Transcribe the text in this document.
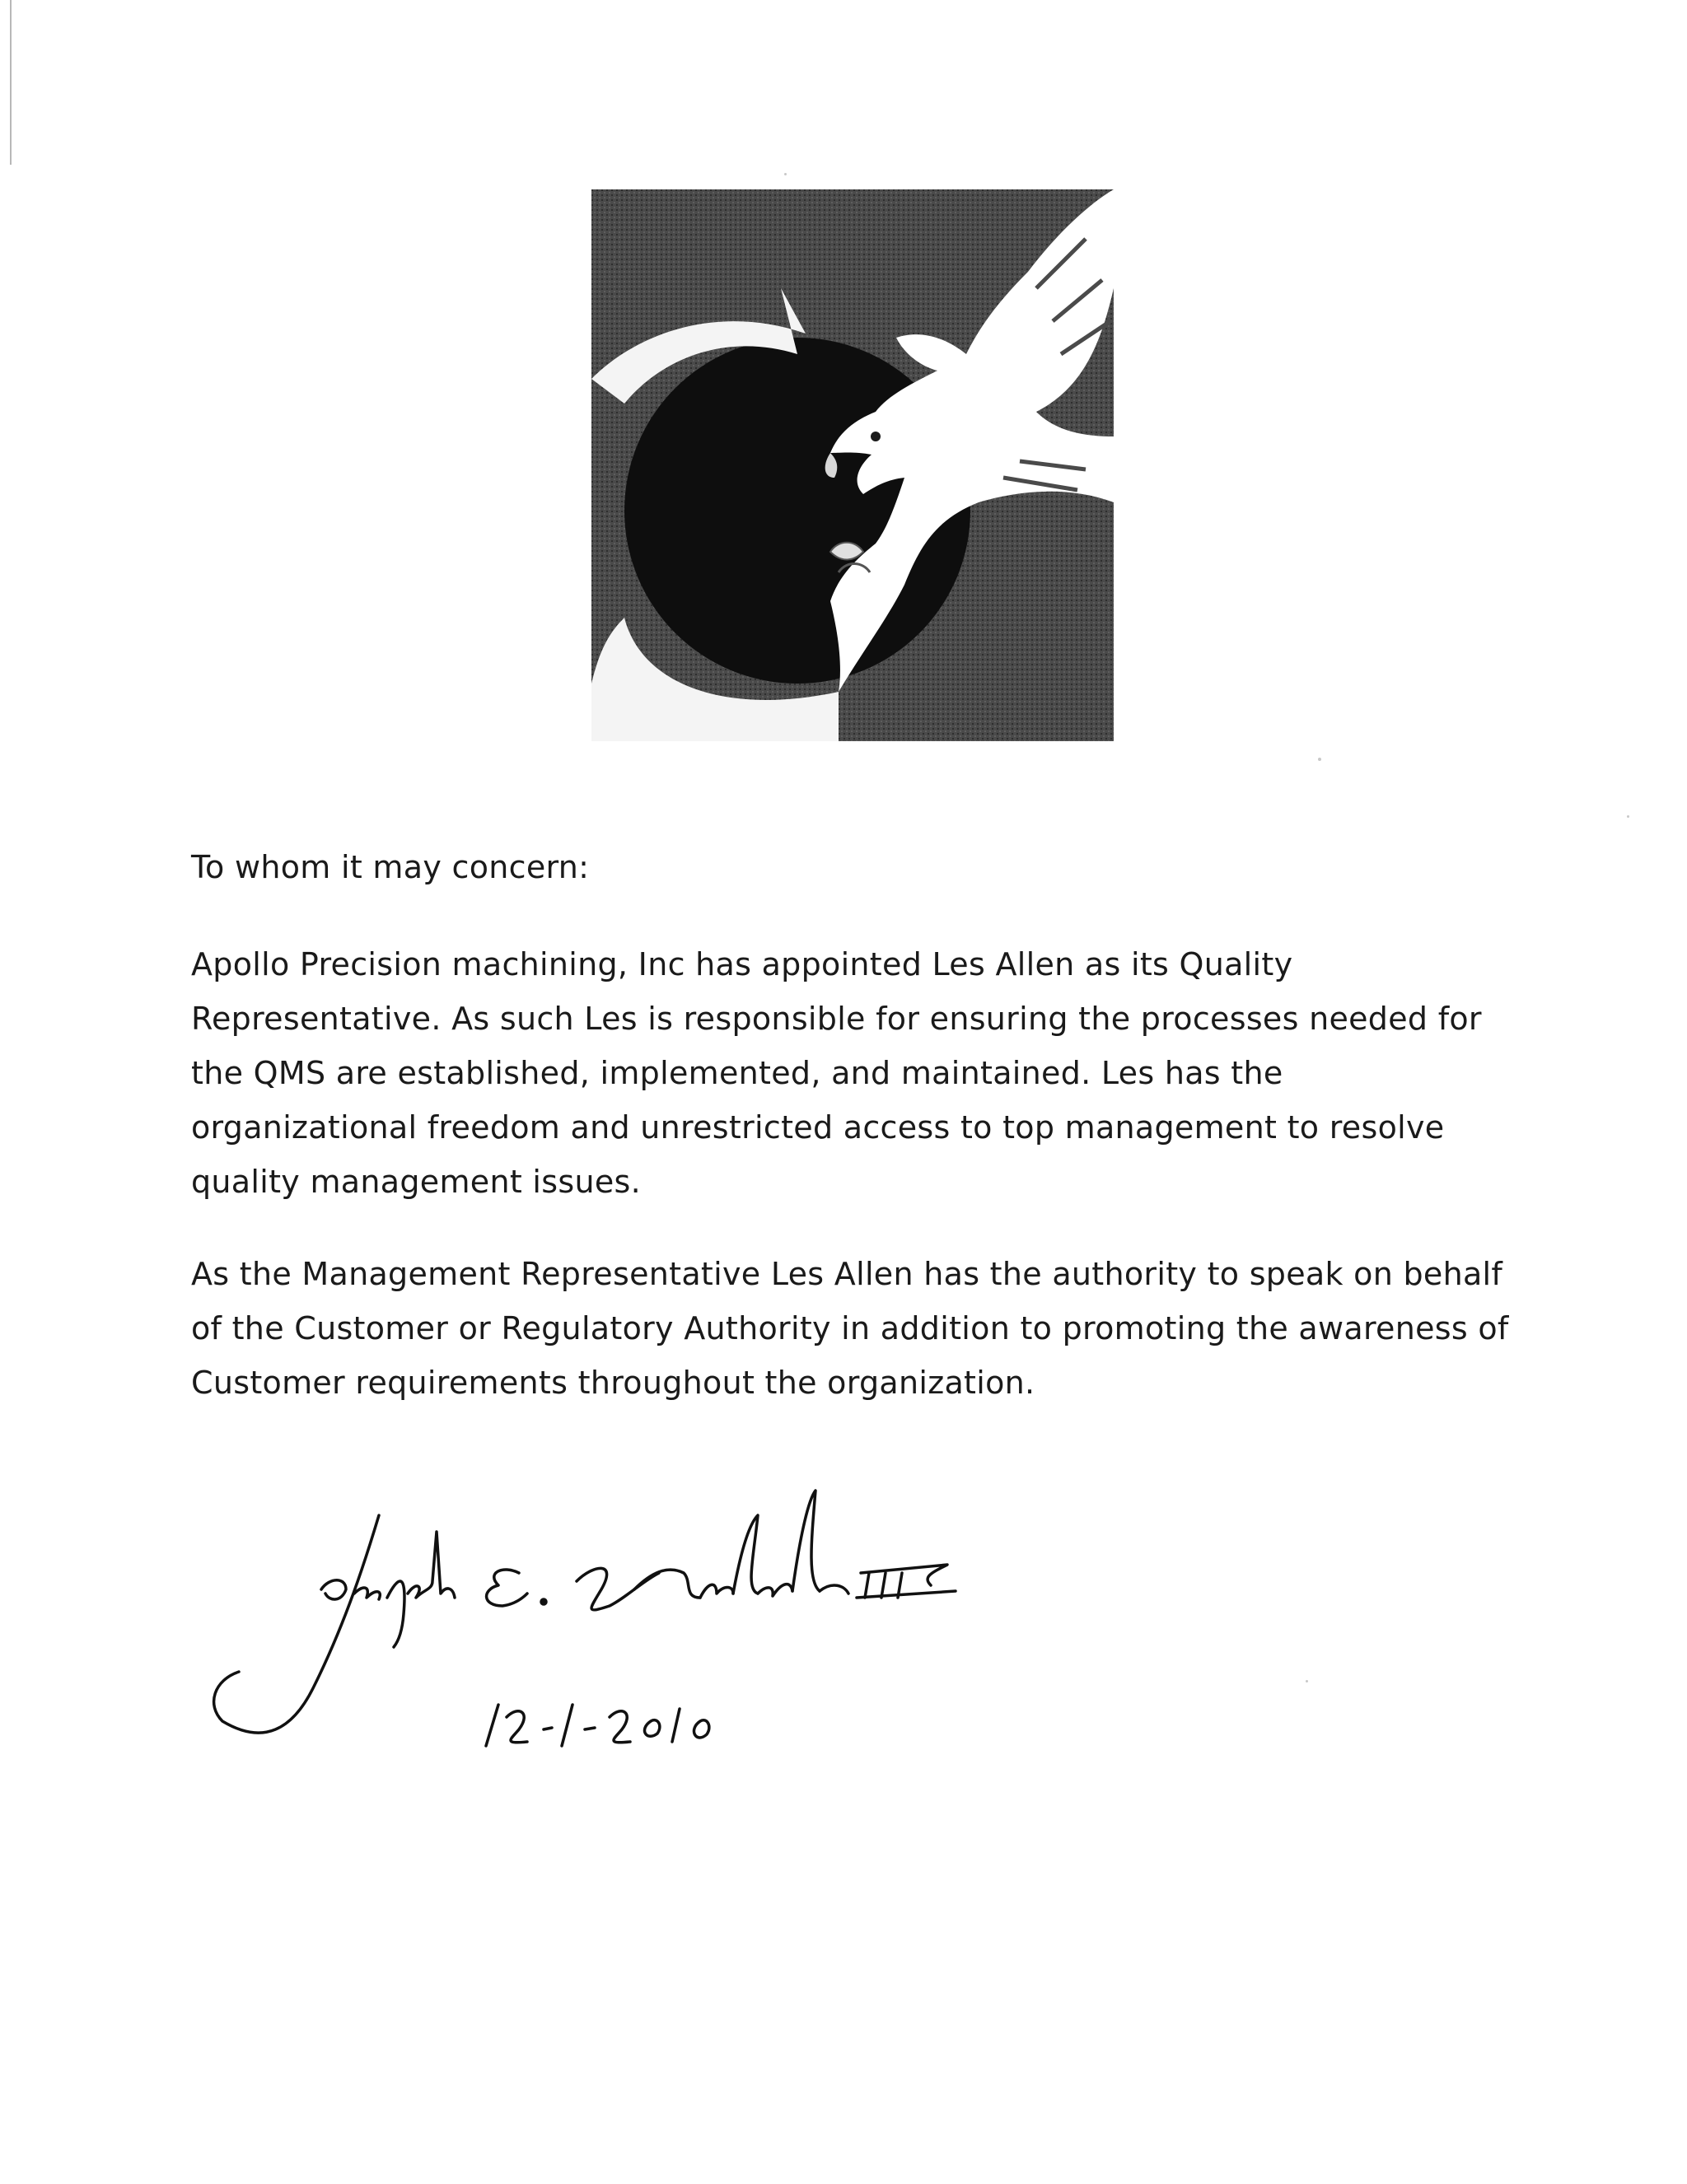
To whom it may concern:

Apollo Precision machining, Inc has appointed Les Allen as its Quality Representative. As such Les is responsible for ensuring the processes needed for the QMS are established, implemented, and maintained. Les has the organizational freedom and unrestricted access to top management to resolve quality management issues.

As the Management Representative Les Allen has the authority to speak on behalf of the Customer or Regulatory Authority in addition to promoting the awareness of Customer requirements throughout the organization.
